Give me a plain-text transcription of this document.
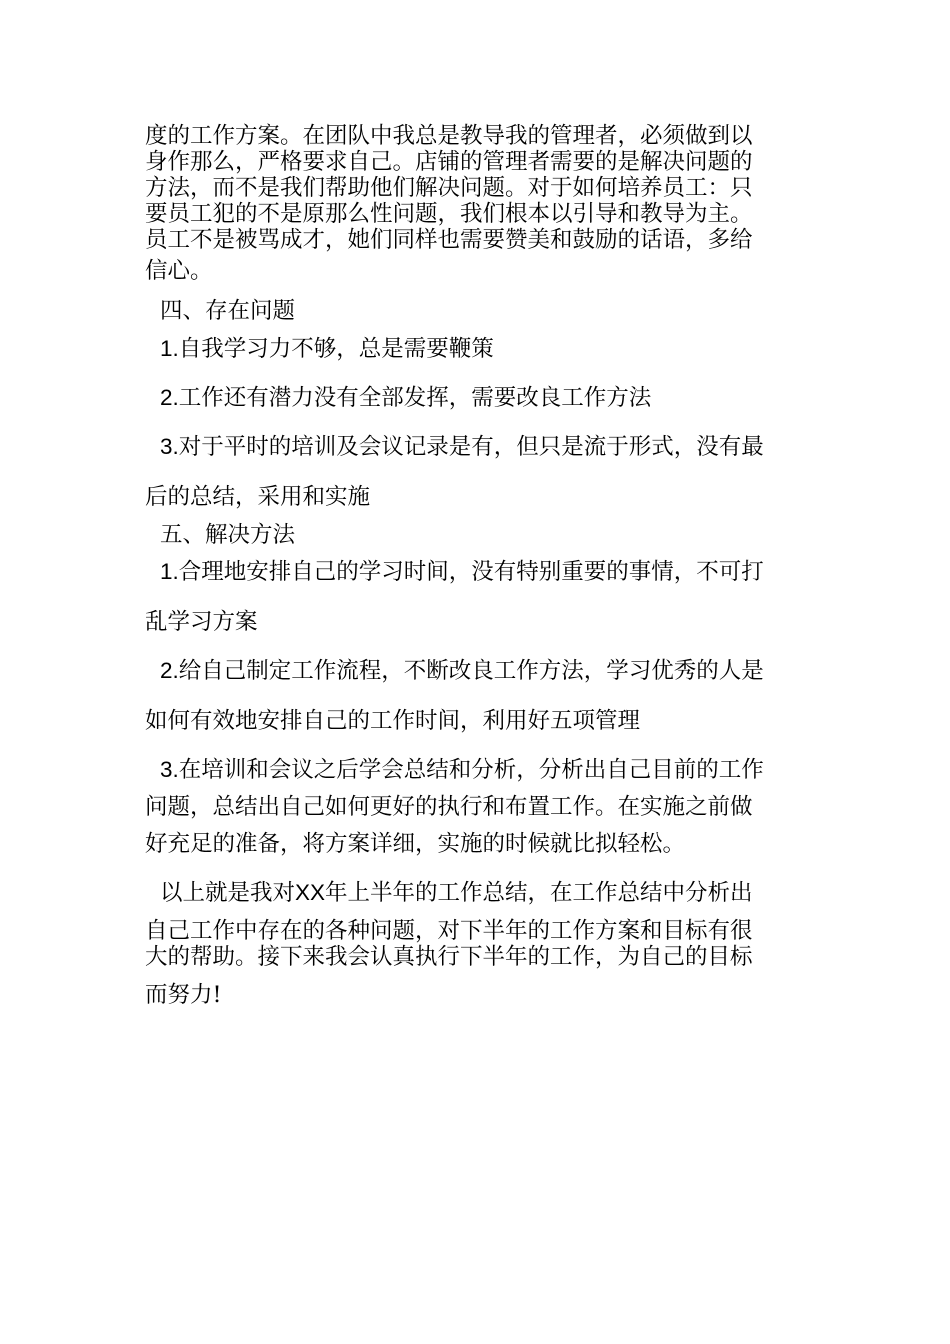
度的工作方案。在团队中我总是教导我的管理者，必须做到以
身作那么，严格要求自己。店铺的管理者需要的是解决问题的
方法，而不是我们帮助他们解决问题。对于如何培养员工：只
要员工犯的不是原那么性问题，我们根本以引导和教导为主。
员工不是被骂成才，她们同样也需要赞美和鼓励的话语，多给
信心。
四、存在问题
1.自我学习力不够，总是需要鞭策
2.工作还有潜力没有全部发挥，需要改良工作方法
3.对于平时的培训及会议记录是有，但只是流于形式，没有最
后的总结，采用和实施
五、解决方法
1.合理地安排自己的学习时间，没有特别重要的事情，不可打
乱学习方案
2.给自己制定工作流程，不断改良工作方法，学习优秀的人是
如何有效地安排自己的工作时间，利用好五项管理
3.在培训和会议之后学会总结和分析，分析出自己目前的工作
问题，总结出自己如何更好的执行和布置工作。在实施之前做
好充足的准备，将方案详细，实施的时候就比拟轻松。
以上就是我对XX年上半年的工作总结，在工作总结中分析出
自己工作中存在的各种问题，对下半年的工作方案和目标有很
大的帮助。接下来我会认真执行下半年的工作，为自己的目标
而努力!
